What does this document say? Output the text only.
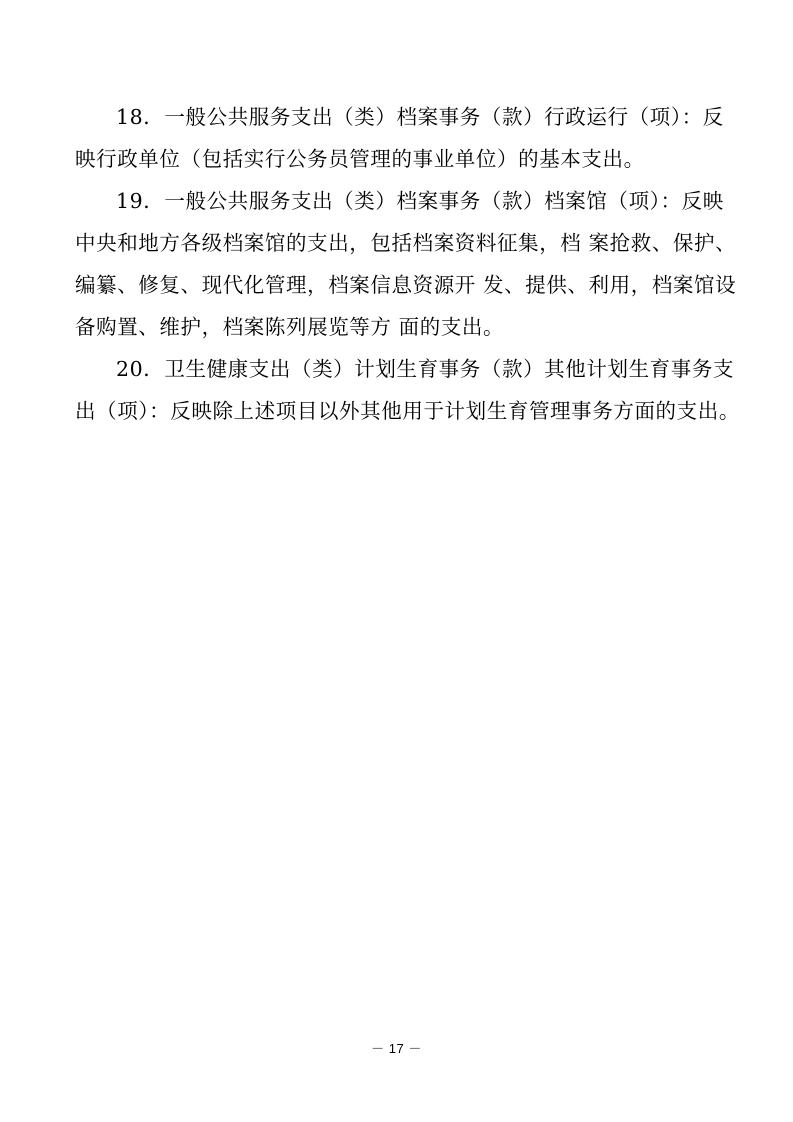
18．一般公共服务支出（类）档案事务（款）行政运行（项）：反
映行政单位（包括实行公务员管理的事业单位）的基本支出。

19．一般公共服务支出（类）档案事务（款）档案馆（项）：反映
中央和地方各级档案馆的支出，包括档案资料征集，档 案抢救、保护、
编纂、修复、现代化管理，档案信息资源开 发、提供、利用，档案馆设
备购置、维护，档案陈列展览等方 面的支出。

20．卫生健康支出（类）计划生育事务（款）其他计划生育事务支
出（项）：反映除上述项目以外其他用于计划生育管理事务方面的支出。

－ 17 －
